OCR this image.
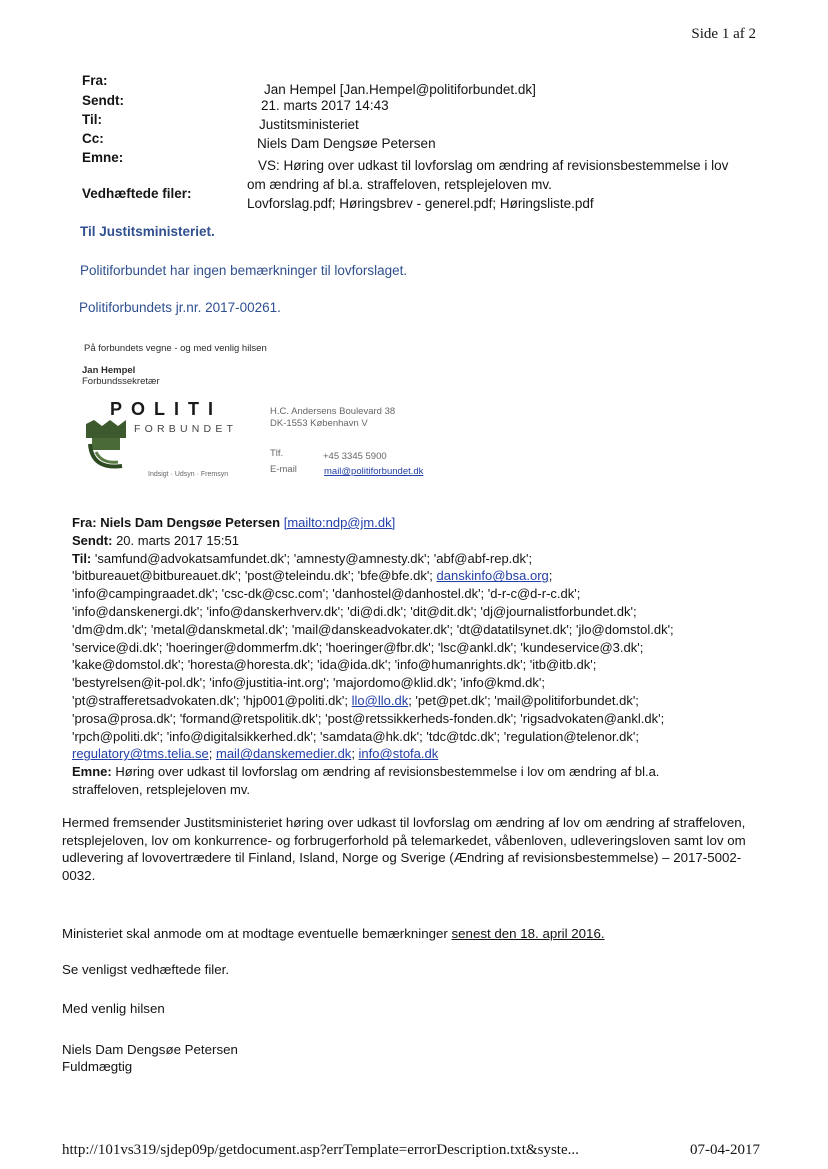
Side 1 af 2
Fra:
Jan Hempel [Jan.Hempel@politiforbundet.dk]
Sendt:	21. marts 2017 14:43
Til:	Justitsministeriet
Cc:	Niels Dam Dengsøe Petersen
Emne:
VS: Høring over udkast til lovforslag om ændring af revisionsbestemmelse i lov
om ændring af bl.a. straffeloven, retsplejeloven mv.
Vedhæftede filer:
Lovforslag.pdf; Høringsbrev - generel.pdf; Høringsliste.pdf
Til Justitsministeriet.
Politiforbundet har ingen bemærkninger til lovforslaget.
Politiforbundets jr.nr. 2017-00261.
På forbundets vegne - og med venlig hilsen
Jan Hempel
Forbundssekretær
POLITI
FORBUNDET
Indsigt · Udsyn · Fremsyn
H.C. Andersens Boulevard 38
DK-1553 København V
Tlf.	+45 3345 5900
E-mail	mail@politiforbundet.dk
Fra: Niels Dam Dengsøe Petersen [mailto:ndp@jm.dk]
Sendt: 20. marts 2017 15:51
Til: 'samfund@advokatsamfundet.dk'; 'amnesty@amnesty.dk'; 'abf@abf-rep.dk';
'bitbureauet@bitbureauet.dk'; 'post@teleindu.dk'; 'bfe@bfe.dk'; danskinfo@bsa.org;
'info@campingraadet.dk'; 'csc-dk@csc.com'; 'danhostel@danhostel.dk'; 'd-r-c@d-r-c.dk';
'info@danskenergi.dk'; 'info@danskerhverv.dk'; 'di@di.dk'; 'dit@dit.dk'; 'dj@journalistforbundet.dk';
'dm@dm.dk'; 'metal@danskmetal.dk'; 'mail@danskeadvokater.dk'; 'dt@datatilsynet.dk'; 'jlo@domstol.dk';
'service@di.dk'; 'hoeringer@dommerfm.dk'; 'hoeringer@fbr.dk'; 'lsc@ankl.dk'; 'kundeservice@3.dk';
'kake@domstol.dk'; 'horesta@horesta.dk'; 'ida@ida.dk'; 'info@humanrights.dk'; 'itb@itb.dk';
'bestyrelsen@it-pol.dk'; 'info@justitia-int.org'; 'majordomo@klid.dk'; 'info@kmd.dk';
'pt@strafferetsadvokaten.dk'; 'hjp001@politi.dk'; llo@llo.dk; 'pet@pet.dk'; 'mail@politiforbundet.dk';
'prosa@prosa.dk'; 'formand@retspolitik.dk'; 'post@retssikkerheds-fonden.dk'; 'rigsadvokaten@ankl.dk';
'rpch@politi.dk'; 'info@digitalsikkerhed.dk'; 'samdata@hk.dk'; 'tdc@tdc.dk'; 'regulation@telenor.dk';
regulatory@tms.telia.se; mail@danskemedier.dk; info@stofa.dk
Emne: Høring over udkast til lovforslag om ændring af revisionsbestemmelse i lov om ændring af bl.a. straffeloven, retsplejeloven mv.
Hermed fremsender Justitsministeriet høring over udkast til lovforslag om ændring af lov om ændring af straffeloven, retsplejeloven, lov om konkurrence- og forbrugerforhold på telemarkedet, våbenloven, udleveringsloven samt lov om udlevering af lovovertrædere til Finland, Island, Norge og Sverige (Ændring af revisionsbestemmelse) – 2017-5002-0032.
Ministeriet skal anmode om at modtage eventuelle bemærkninger senest den 18. april 2016.
Se venligst vedhæftede filer.
Med venlig hilsen
Niels Dam Dengsøe Petersen
Fuldmægtig
http://101vs319/sjdep09p/getdocument.asp?errTemplate=errorDescription.txt&syste...	07-04-2017
